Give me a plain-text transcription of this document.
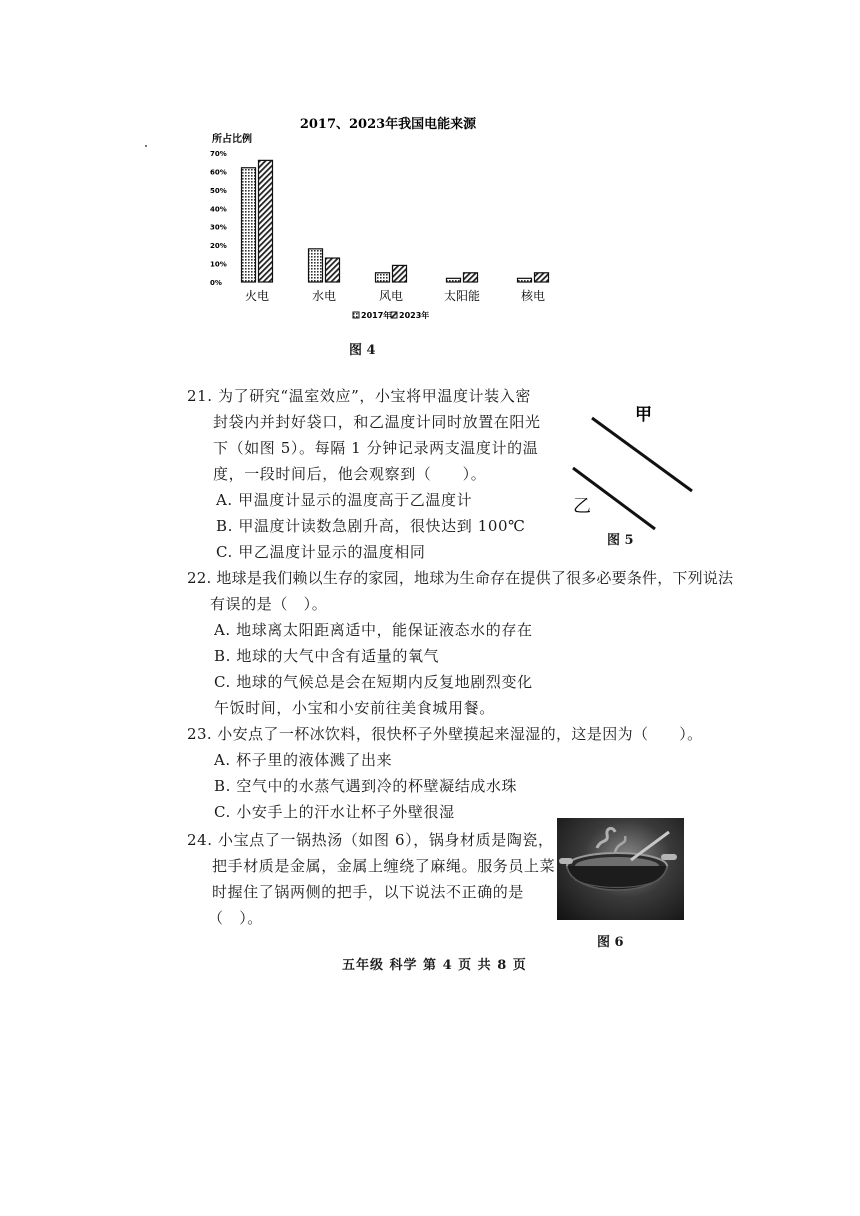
2017、2023年我国电能来源
所占比例
70%
60%
50%
40%
30%
20%
10%
0%
火电	水电	风电	太阳能	核电
2017年 2023年
图 4
21. 为了研究“温室效应”，小宝将甲温度计装入密
封袋内并封好袋口，和乙温度计同时放置在阳光
下（如图 5）。每隔 1 分钟记录两支温度计的温
度，一段时间后，他会观察到（　　）。
A. 甲温度计显示的温度高于乙温度计
B. 甲温度计读数急剧升高，很快达到 100℃
C. 甲乙温度计显示的温度相同
甲
乙
图 5
22. 地球是我们赖以生存的家园，地球为生命存在提供了很多必要条件，下列说法
有误的是（　）。
A. 地球离太阳距离适中，能保证液态水的存在
B. 地球的大气中含有适量的氧气
C. 地球的气候总是会在短期内反复地剧烈变化
午饭时间，小宝和小安前往美食城用餐。
23. 小安点了一杯冰饮料，很快杯子外壁摸起来湿湿的，这是因为（　　）。
A. 杯子里的液体溅了出来
B. 空气中的水蒸气遇到冷的杯壁凝结成水珠
C. 小安手上的汗水让杯子外壁很湿
24. 小宝点了一锅热汤（如图 6），锅身材质是陶瓷，
把手材质是金属，金属上缠绕了麻绳。服务员上菜
时握住了锅两侧的把手，以下说法不正确的是
（　）。
图 6
五年级 科学 第 4 页 共 8 页
